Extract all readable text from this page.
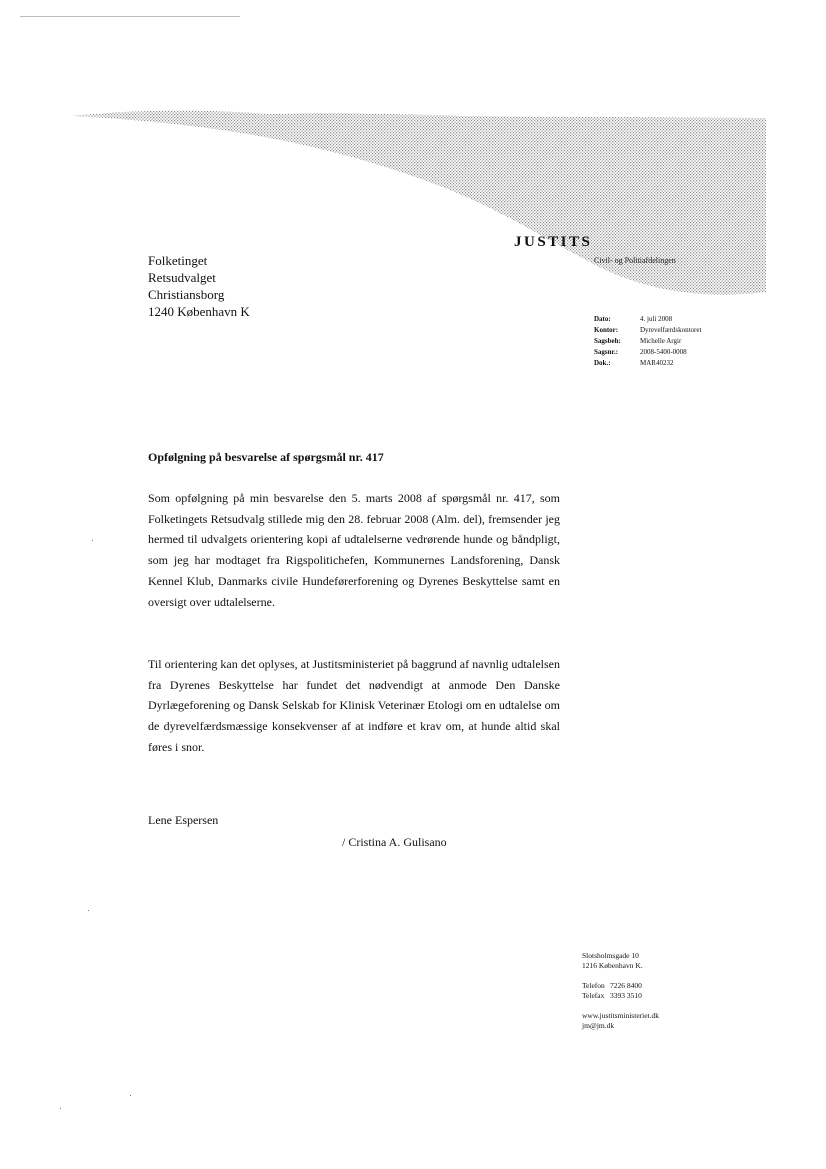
JUSTITS
Civil- og Politiafdelingen
Folketinget
Retsudvalget
Christiansborg
1240 København K	Dato:	4. juli 2008
Kontor:	Dyrevelfærdskontoret
Sagsbeh:	Michelle Argir
Sagsnr.:	2008-5400-0008
Dok.:	MAR40232
Opfølgning på besvarelse af spørgsmål nr. 417
Som opfølgning på min besvarelse den 5. marts 2008 af spørgsmål nr. 417, som Folketingets Retsudvalg stillede mig den 28. februar 2008 (Alm. del), fremsender jeg hermed til udvalgets orientering kopi af udtalelserne vedrørende hunde og båndpligt, som jeg har modtaget fra Rigspolitichefen, Kommunernes Landsforening, Dansk Kennel Klub, Danmarks civile Hundeførerforening og Dyrenes Beskyttelse samt en oversigt over udtalelserne.
Til orientering kan det oplyses, at Justitsministeriet på baggrund af navnlig udtalelsen fra Dyrenes Beskyttelse har fundet det nødvendigt at anmode Den Danske Dyrlægeforening og Dansk Selskab for Klinisk Veterinær Etologi om en udtalelse om de dyrevelfærdsmæssige konsekvenser af at indføre et krav om, at hunde altid skal føres i snor.
Lene Espersen
/ Cristina A. Gulisano
Slotsholmsgade 10
1216 København K.
Telefon 7226 8400
Telefax 3393 3510
www.justitsministeriet.dk
jm@jm.dk
